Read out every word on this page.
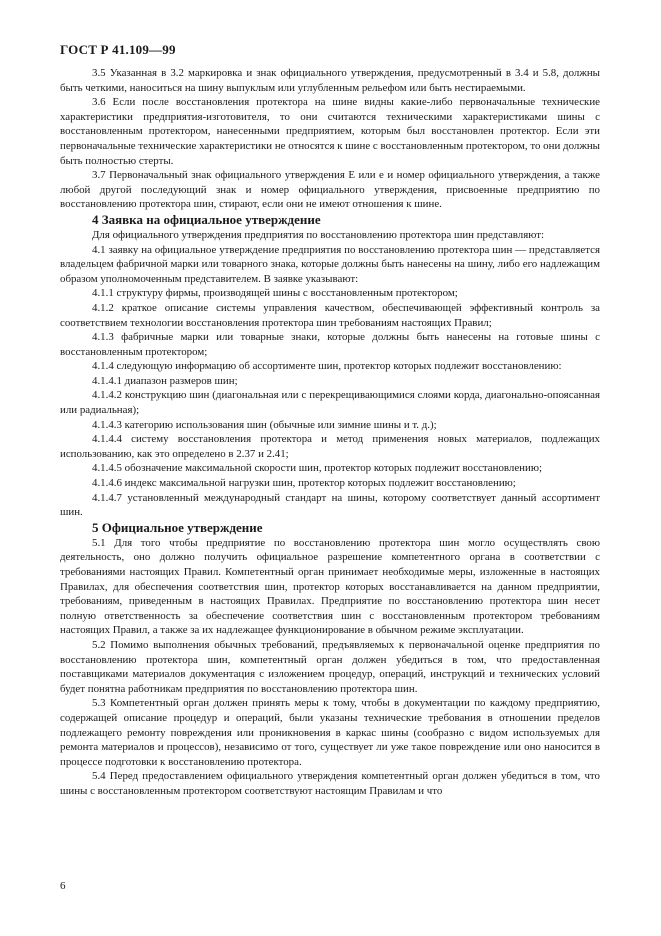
ГОСТ Р 41.109—99

3.5 Указанная в 3.2 маркировка и знак официального утверждения, предусмотренный в 3.4 и 5.8, должны быть четкими, наноситься на шину выпуклым или углубленным рельефом или быть нестираемыми.

3.6 Если после восстановления протектора на шине видны какие-либо первоначальные технические характеристики предприятия-изготовителя, то они считаются техническими характеристиками шины с восстановленным протектором, нанесенными предприятием, которым был восстановлен протектор. Если эти первоначальные технические характеристики не относятся к шине с восстановленным протектором, то они должны быть полностью стерты.

3.7 Первоначальный знак официального утверждения Е или е и номер официального утверждения, а также любой другой последующий знак и номер официального утверждения, присвоенные предприятию по восстановлению протектора шин, стирают, если они не имеют отношения к шине.

4 Заявка на официальное утверждение

Для официального утверждения предприятия по восстановлению протектора шин представляют:

4.1 заявку на официальное утверждение предприятия по восстановлению протектора шин — представляется владельцем фабричной марки или товарного знака, которые должны быть нанесены на шину, либо его надлежащим образом уполномоченным представителем. В заявке указывают:

4.1.1 структуру фирмы, производящей шины с восстановленным протектором;

4.1.2 краткое описание системы управления качеством, обеспечивающей эффективный контроль за соответствием технологии восстановления протектора шин требованиям настоящих Правил;

4.1.3 фабричные марки или товарные знаки, которые должны быть нанесены на готовые шины с восстановленным протектором;

4.1.4 следующую информацию об ассортименте шин, протектор которых подлежит восстановлению:

4.1.4.1 диапазон размеров шин;

4.1.4.2 конструкцию шин (диагональная или с перекрещивающимися слоями корда, диагонально-опоясанная или радиальная);

4.1.4.3 категорию использования шин (обычные или зимние шины и т. д.);

4.1.4.4 систему восстановления протектора и метод применения новых материалов, подлежащих использованию, как это определено в 2.37 и 2.41;

4.1.4.5 обозначение максимальной скорости шин, протектор которых подлежит восстановлению;

4.1.4.6 индекс максимальной нагрузки шин, протектор которых подлежит восстановлению;

4.1.4.7 установленный международный стандарт на шины, которому соответствует данный ассортимент шин.

5 Официальное утверждение

5.1 Для того чтобы предприятие по восстановлению протектора шин могло осуществлять свою деятельность, оно должно получить официальное разрешение компетентного органа в соответствии с требованиями настоящих Правил. Компетентный орган принимает необходимые меры, изложенные в настоящих Правилах, для обеспечения соответствия шин, протектор которых восстанавливается на данном предприятии, требованиям, приведенным в настоящих Правилах. Предприятие по восстановлению протектора шин несет полную ответственность за обеспечение соответствия шин с восстановленным протектором требованиям настоящих Правил, а также за их надлежащее функционирование в обычном режиме эксплуатации.

5.2 Помимо выполнения обычных требований, предъявляемых к первоначальной оценке предприятия по восстановлению протектора шин, компетентный орган должен убедиться в том, что предоставленная поставщиками материалов документация с изложением процедур, операций, инструкций и технических условий будет понятна работникам предприятия по восстановлению протектора шин.

5.3 Компетентный орган должен принять меры к тому, чтобы в документации по каждому предприятию, содержащей описание процедур и операций, были указаны технические требования в отношении пределов подлежащего ремонту повреждения или проникновения в каркас шины (сообразно с видом используемых для ремонта материалов и процессов), независимо от того, существует ли уже такое повреждение или оно наносится в процессе подготовки к восстановлению протектора.

5.4 Перед предоставлением официального утверждения компетентный орган должен убедиться в том, что шины с восстановленным протектором соответствуют настоящим Правилам и что

6
